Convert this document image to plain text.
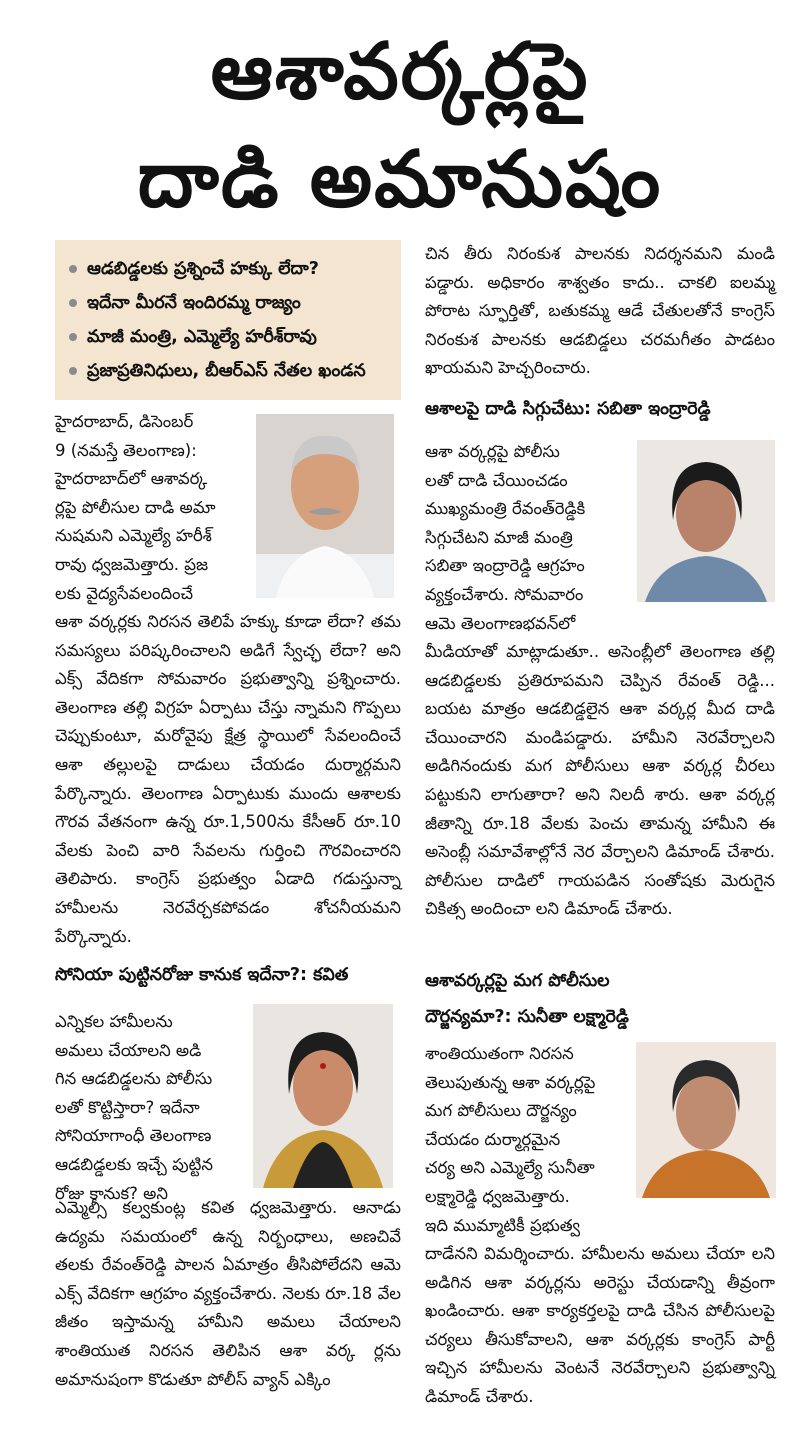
ఆశావర్కర్లపై
దాడి అమానుషం
ఆడబిడ్డలకు ప్రశ్నించే హక్కు లేదా?
ఇదేనా మీరనే ఇందిరమ్మ రాజ్యం
మాజీ మంత్రి, ఎమ్మెల్యే హరీశ్‌రావు
ప్రజాప్రతినిధులు, బీఆర్‌ఎస్ నేతల ఖండన

హైదరాబాద్, డిసెంబర్

9 (నమస్తే తెలంగాణ):

హైదరాబాద్‌లో ఆశావర్క

ర్లపై పోలీసుల దాడి అమా

నుషమని ఎమ్మెల్యే హరీశ్

రావు ధ్వజమెత్తారు. ప్రజ

లకు వైద్యసేవలందించే

ఆశా వర్కర్లకు నిరసన తెలిపే హక్కు కూడా లేదా? తమ సమస్యలు పరిష్కరించాలని అడిగే స్వేచ్ఛ లేదా? అని ఎక్స్ వేదికగా సోమవారం ప్రభుత్వాన్ని ప్రశ్నించారు. తెలంగాణ తల్లి విగ్రహ ఏర్పాటు చేస్తు న్నామని గొప్పలు చెప్పుకుంటూ, మరోవైపు క్షేత్ర స్థాయిలో సేవలందించే ఆశా తల్లులపై దాడులు చేయడం దుర్మార్గమని పేర్కొన్నారు. తెలంగాణ ఏర్పాటుకు ముందు ఆశాలకు గౌరవ వేతనంగా ఉన్న రూ.1,500ను కేసీఆర్ రూ.10 వేలకు పెంచి వారి సేవలను గుర్తించి గౌరవించారని తెలిపారు. కాంగ్రెస్ ప్రభుత్వం ఏడాది గడుస్తున్నా హామీలను నెరవేర్చకపోవడం శోచనీయమని పేర్కొన్నారు.
సోనియా పుట్టినరోజు కానుక ఇదేనా?: కవిత

ఎన్నికల హామీలను

అమలు చేయాలని అడి

గిన ఆడబిడ్డలను పోలీసు

లతో కొట్టిస్తారా? ఇదేనా

సోనియాగాంధీ తెలంగాణ

ఆడబిడ్డలకు ఇచ్చే పుట్టిన

రోజు కానుక? అని

ఎమ్మెల్సీ కల్వకుంట్ల కవిత ధ్వజమెత్తారు. ఆనాడు ఉద్యమ సమయంలో ఉన్న నిర్బంధాలు, అణచివే తలకు రేవంత్‌రెడ్డి పాలన ఏమాత్రం తీసిపోలేదని ఆమె ఎక్స్ వేదికగా ఆగ్రహం వ్యక్తంచేశారు. నెలకు రూ.18 వేల జీతం ఇస్తామన్న హామీని అమలు చేయాలని శాంతియుత నిరసన తెలిపిన ఆశా వర్క ర్లను అమానుషంగా కొడుతూ పోలీస్ వ్యాన్ ఎక్కిం
చిన తీరు నిరంకుశ పాలనకు నిదర్శనమని మండి పడ్డారు. అధికారం శాశ్వతం కాదు.. చాకలి ఐలమ్మ పోరాట స్ఫూర్తితో, బతుకమ్మ ఆడే చేతులతోనే కాంగ్రెస్ నిరంకుశ పాలనకు ఆడబిడ్డలు చరమగీతం పాడటం ఖాయమని హెచ్చరించారు.
ఆశాలపై దాడి సిగ్గుచేటు: సబితా ఇంద్రారెడ్డి

ఆశా వర్కర్లపై పోలీసు

లతో దాడి చేయించడం

ముఖ్యమంత్రి రేవంత్‌రెడ్డికి

సిగ్గుచేటని మాజీ మంత్రి

సబితా ఇంద్రారెడ్డి ఆగ్రహం

వ్యక్తంచేశారు. సోమవారం

ఆమె తెలంగాణభవన్‌లో

మీడియాతో మాట్లాడుతూ.. అసెంబ్లీలో తెలంగాణ తల్లి ఆడబిడ్డలకు ప్రతిరూపమని చెప్పిన రేవంత్ రెడ్డి... బయట మాత్రం ఆడబిడ్డలైన ఆశా వర్కర్ల మీద దాడి చేయించారని మండిపడ్డారు. హామీని నెరవేర్చాలని అడిగినందుకు మగ పోలీసులు ఆశా వర్కర్ల చీరలు పట్టుకుని లాగుతారా? అని నిలదీ శారు. ఆశా వర్కర్ల జీతాన్ని రూ.18 వేలకు పెంచు తామన్న హామీని ఈ అసెంబ్లీ సమావేశాల్లోనే నెర వేర్చాలని డిమాండ్ చేశారు. పోలీసుల దాడిలో గాయపడిన సంతోషకు మెరుగైన చికిత్స అందించా లని డిమాండ్ చేశారు.
ఆశావర్కర్లపై మగ పోలీసుల
దౌర్జన్యమా?: సునీతా లక్ష్మారెడ్డి

శాంతియుతంగా నిరసన

తెలుపుతున్న ఆశా వర్కర్లపై

మగ పోలీసులు దౌర్జన్యం

చేయడం దుర్మార్గమైన

చర్య అని ఎమ్మెల్యే సునీతా

లక్ష్మారెడ్డి ధ్వజమెత్తారు.

ఇది ముమ్మాటికీ ప్రభుత్వ

దాడేనని విమర్శించారు. హామీలను అమలు చేయా లని అడిగిన ఆశా వర్కర్లను అరెస్టు చేయడాన్ని తీవ్రంగా ఖండించారు. ఆశా కార్యకర్తలపై దాడి చేసిన పోలీసులపై చర్యలు తీసుకోవాలని, ఆశా వర్కర్లకు కాంగ్రెస్ పార్టీ ఇచ్చిన హామీలను వెంటనే నెరవేర్చాలని ప్రభుత్వాన్ని డిమాండ్ చేశారు.
